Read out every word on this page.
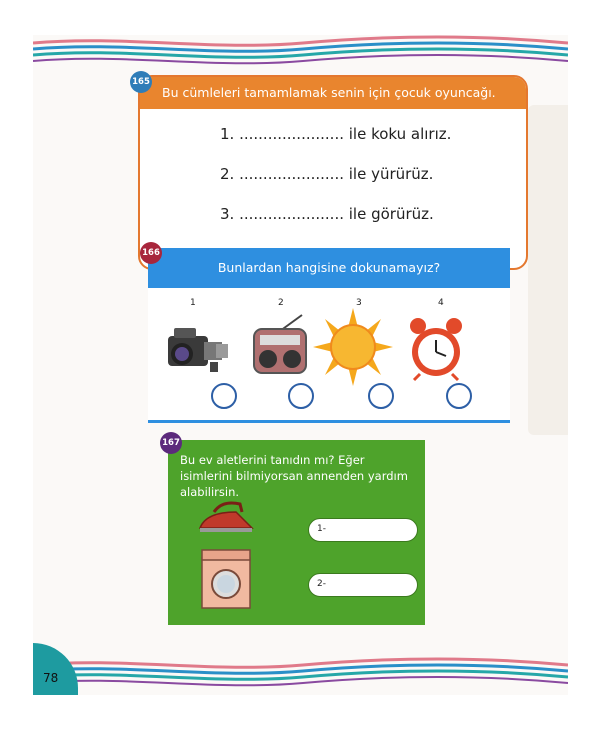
165
Bu cümleleri tamamlamak senin için çocuk oyuncağı.
1. ...................... ile koku alırız.
2. ...................... ile yürürüz.
3. ...................... ile görürüz.
166
Bunlardan hangisine dokunamayız?
1	2	3	4
167
Bu ev aletlerini tanıdın mı? Eğer isimlerini bilmiyorsan annenden yardım alabilirsin.
1-
2-
78
